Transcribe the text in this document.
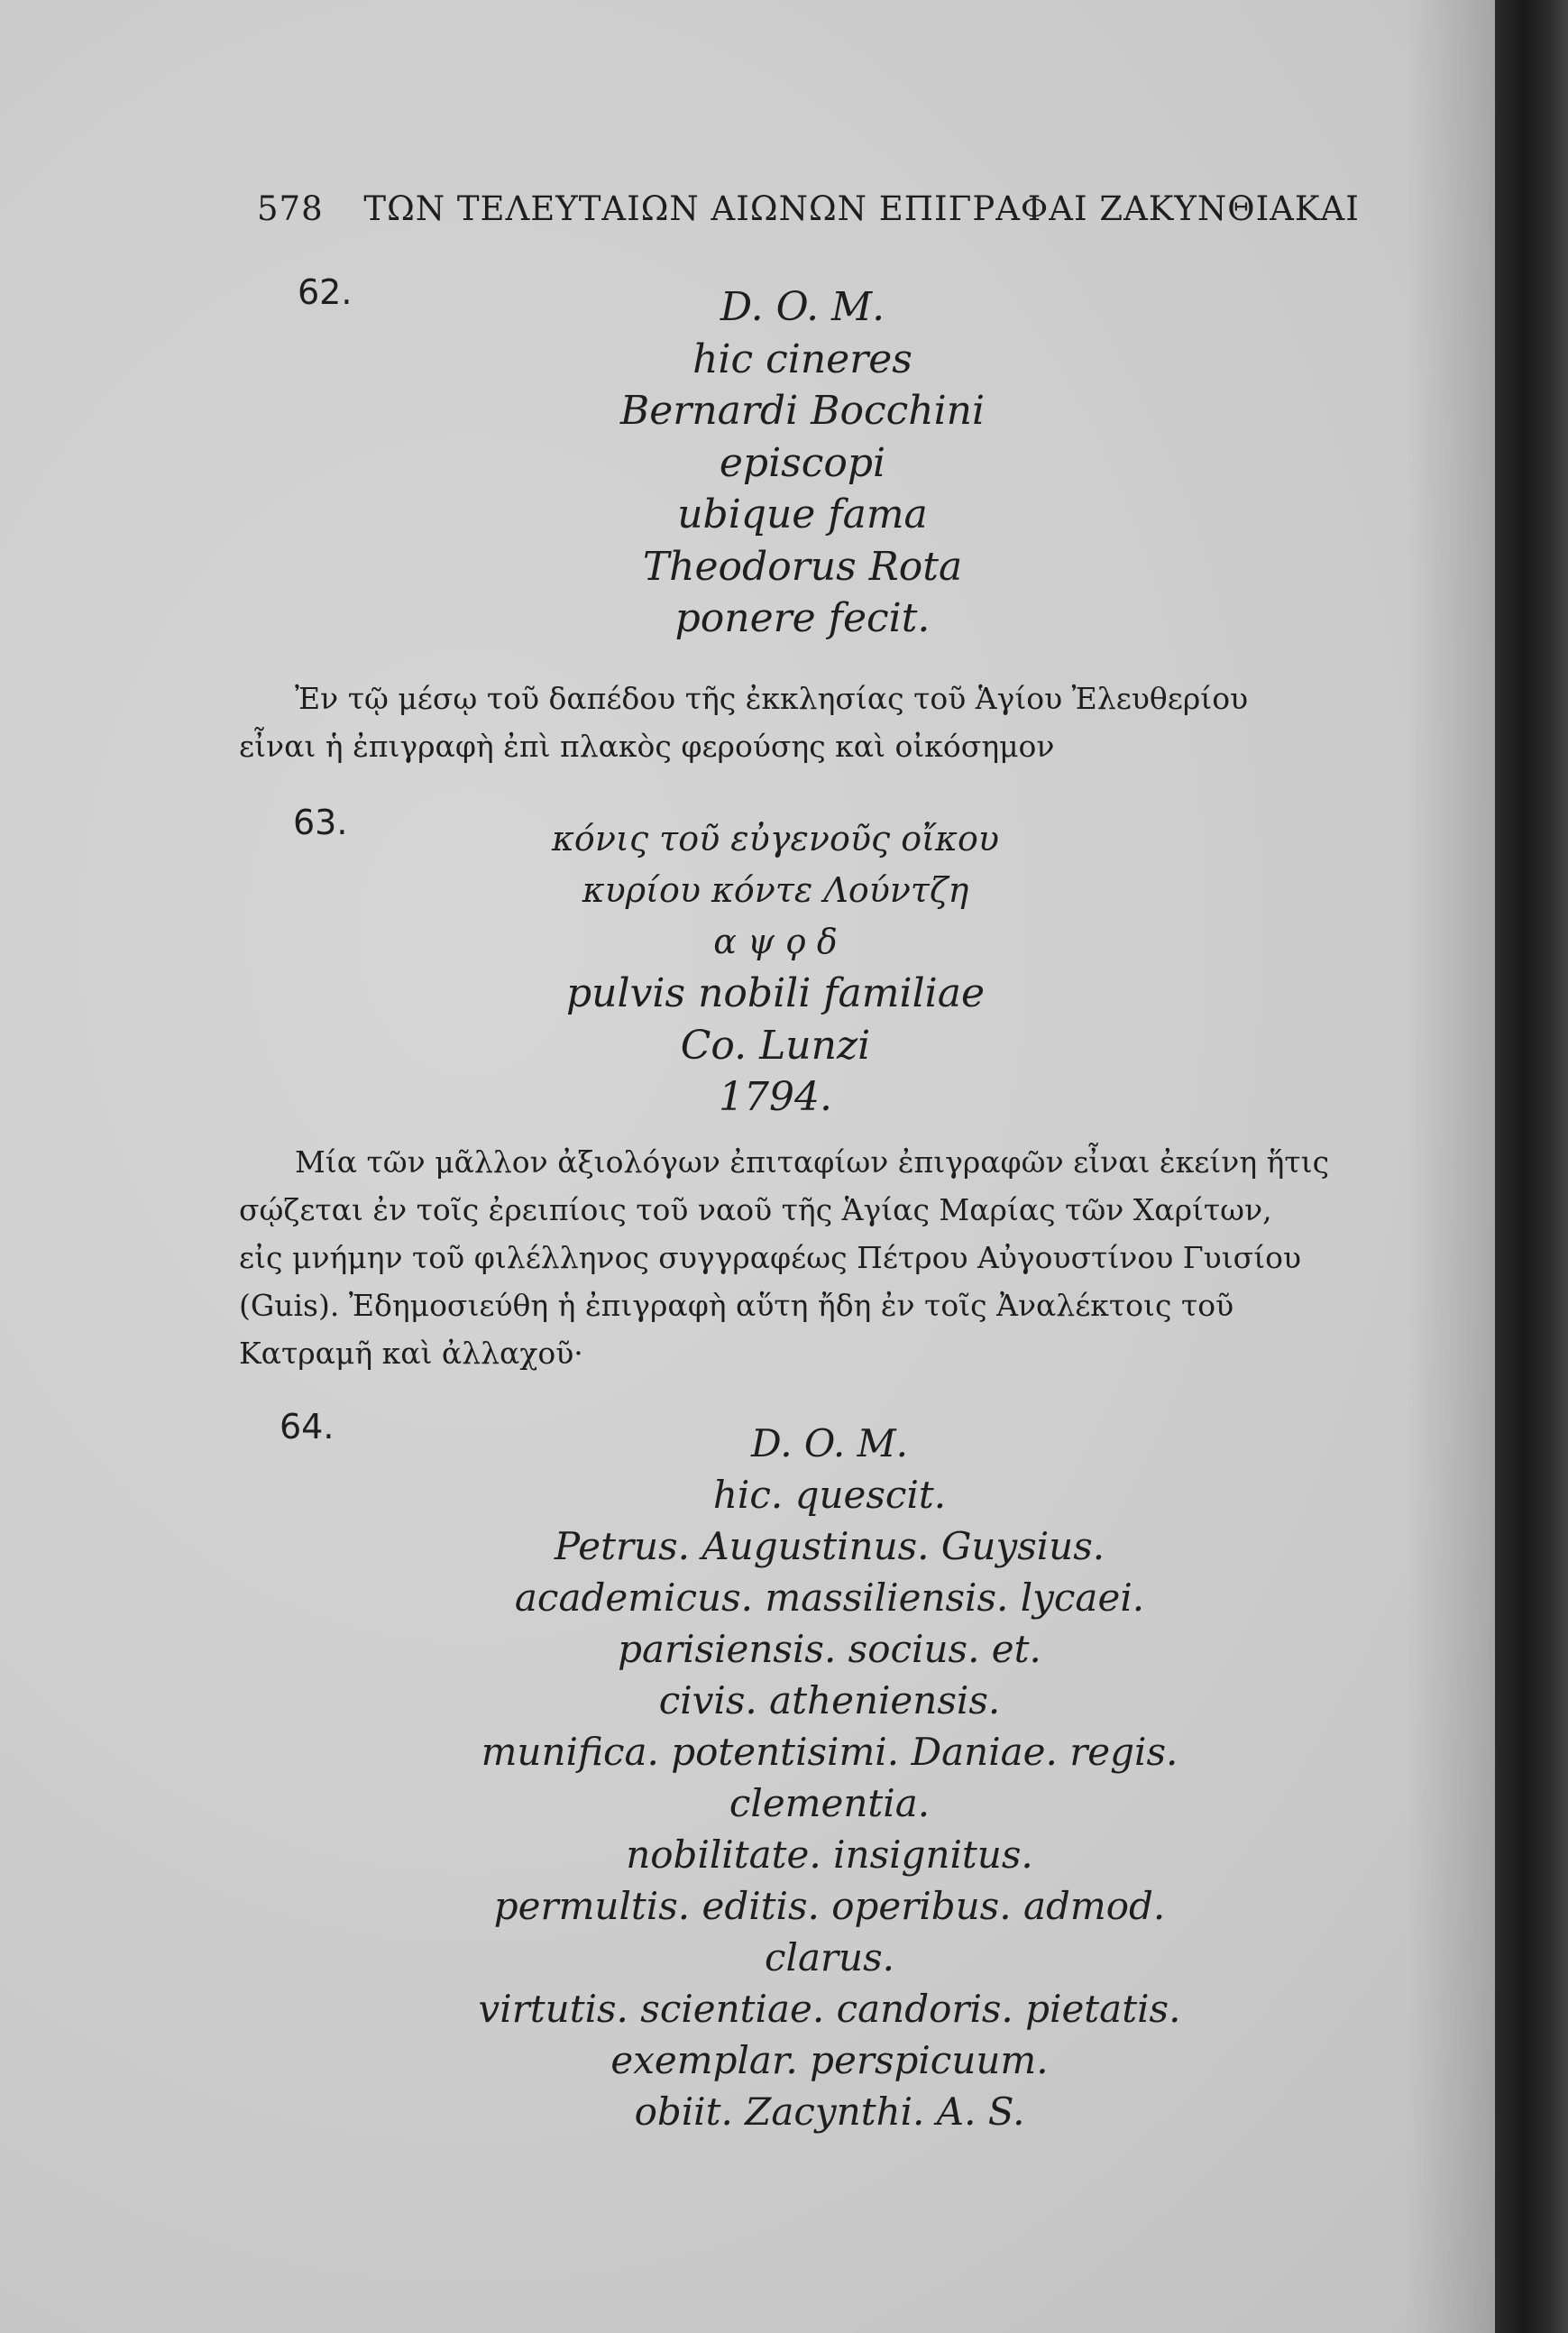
578 ΤΩΝ ΤΕΛΕΥΤΑΙΩΝ ΑΙΩΝΩΝ ΕΠΙΓΡΑΦΑΙ ΖΑΚΥΝΘΙΑΚΑΙ
62.	D. O. M.
hic cineres
Bernardi Bocchini
episcopi
ubique fama
Theodorus Rota
ponere fecit.
Ἐν τῷ μέσῳ τοῦ δαπέδου τῆς ἐκκλησίας τοῦ Ἁγίου Ἐλευθερίου
εἶναι ἡ ἐπιγραφὴ ἐπὶ πλακὸς φερούσης καὶ οἰκόσημον
63.	κόνις τοῦ εὐγενοῦς οἴκου
κυρίου κόντε Λούντζη
α ψ ϙ δ
pulvis nobili familiae
Co. Lunzi
1794.
Μία τῶν μᾶλλον ἀξιολόγων ἐπιταφίων ἐπιγραφῶν εἶναι ἐκείνη ἥτις
σῴζεται ἐν τοῖς ἐρειπίοις τοῦ ναοῦ τῆς Ἁγίας Μαρίας τῶν Χαρίτων,
εἰς μνήμην τοῦ φιλέλληνος συγγραφέως Πέτρου Αὐγουστίνου Γυισίου
(Guis). Ἐδημοσιεύθη ἡ ἐπιγραφὴ αὕτη ἤδη ἐν τοῖς Ἀναλέκτοις τοῦ
Κατραμῆ καὶ ἀλλαχοῦ·
64.	D. O. M.
hic. quescit.
Petrus. Augustinus. Guysius.
academicus. massiliensis. lycaei.
parisiensis. socius. et.
civis. atheniensis.
munifica. potentisimi. Daniae. regis.
clementia.
nobilitate. insignitus.
permultis. editis. operibus. admod.
clarus.
virtutis. scientiae. candoris. pietatis.
exemplar. perspicuum.
obiit. Zacynthi. A. S.
